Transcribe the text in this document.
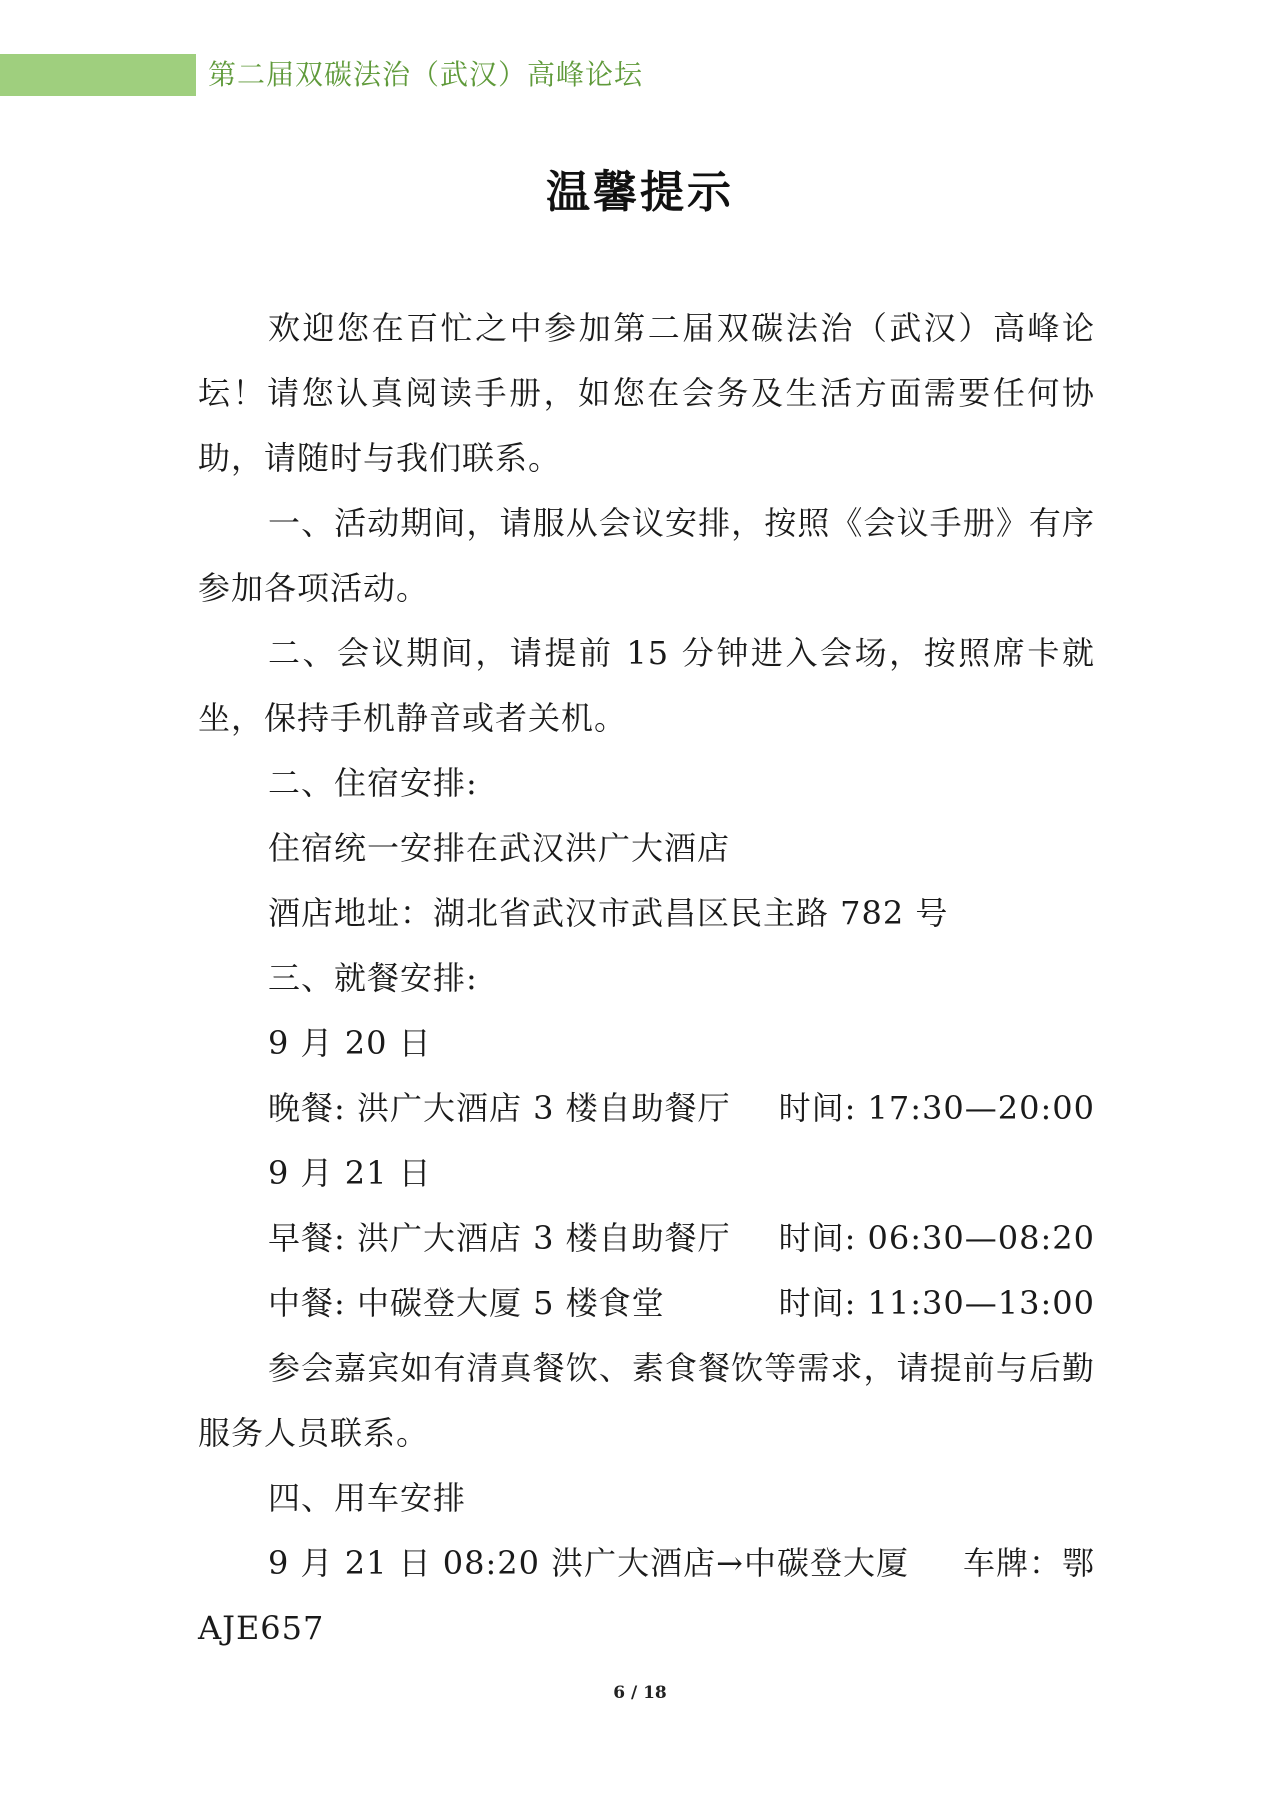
第二届双碳法治（武汉）高峰论坛
温馨提示

欢迎您在百忙之中参加第二届双碳法治（武汉）高峰论坛！请您认真阅读手册，如您在会务及生活方面需要任何协助，请随时与我们联系。

一、活动期间，请服从会议安排，按照《会议手册》有序参加各项活动。

二、会议期间，请提前 15 分钟进入会场，按照席卡就坐，保持手机静音或者关机。

二、住宿安排:

住宿统一安排在武汉洪广大酒店

酒店地址：湖北省武汉市武昌区民主路 782 号

三、就餐安排:

9 月 20 日

晚餐: 洪广大酒店 3 楼自助餐厅 时间: 17:30—20:00

9 月 21 日

早餐: 洪广大酒店 3 楼自助餐厅 时间: 06:30—08:20
中餐: 中碳登大厦 5 楼食堂	时间: 11:30—13:00

参会嘉宾如有清真餐饮、素食餐饮等需求，请提前与后勤服务人员联系。

四、用车安排

9 月 21 日 08:20 洪广大酒店→中碳登大厦 车牌：鄂

AJE657

6 / 18
